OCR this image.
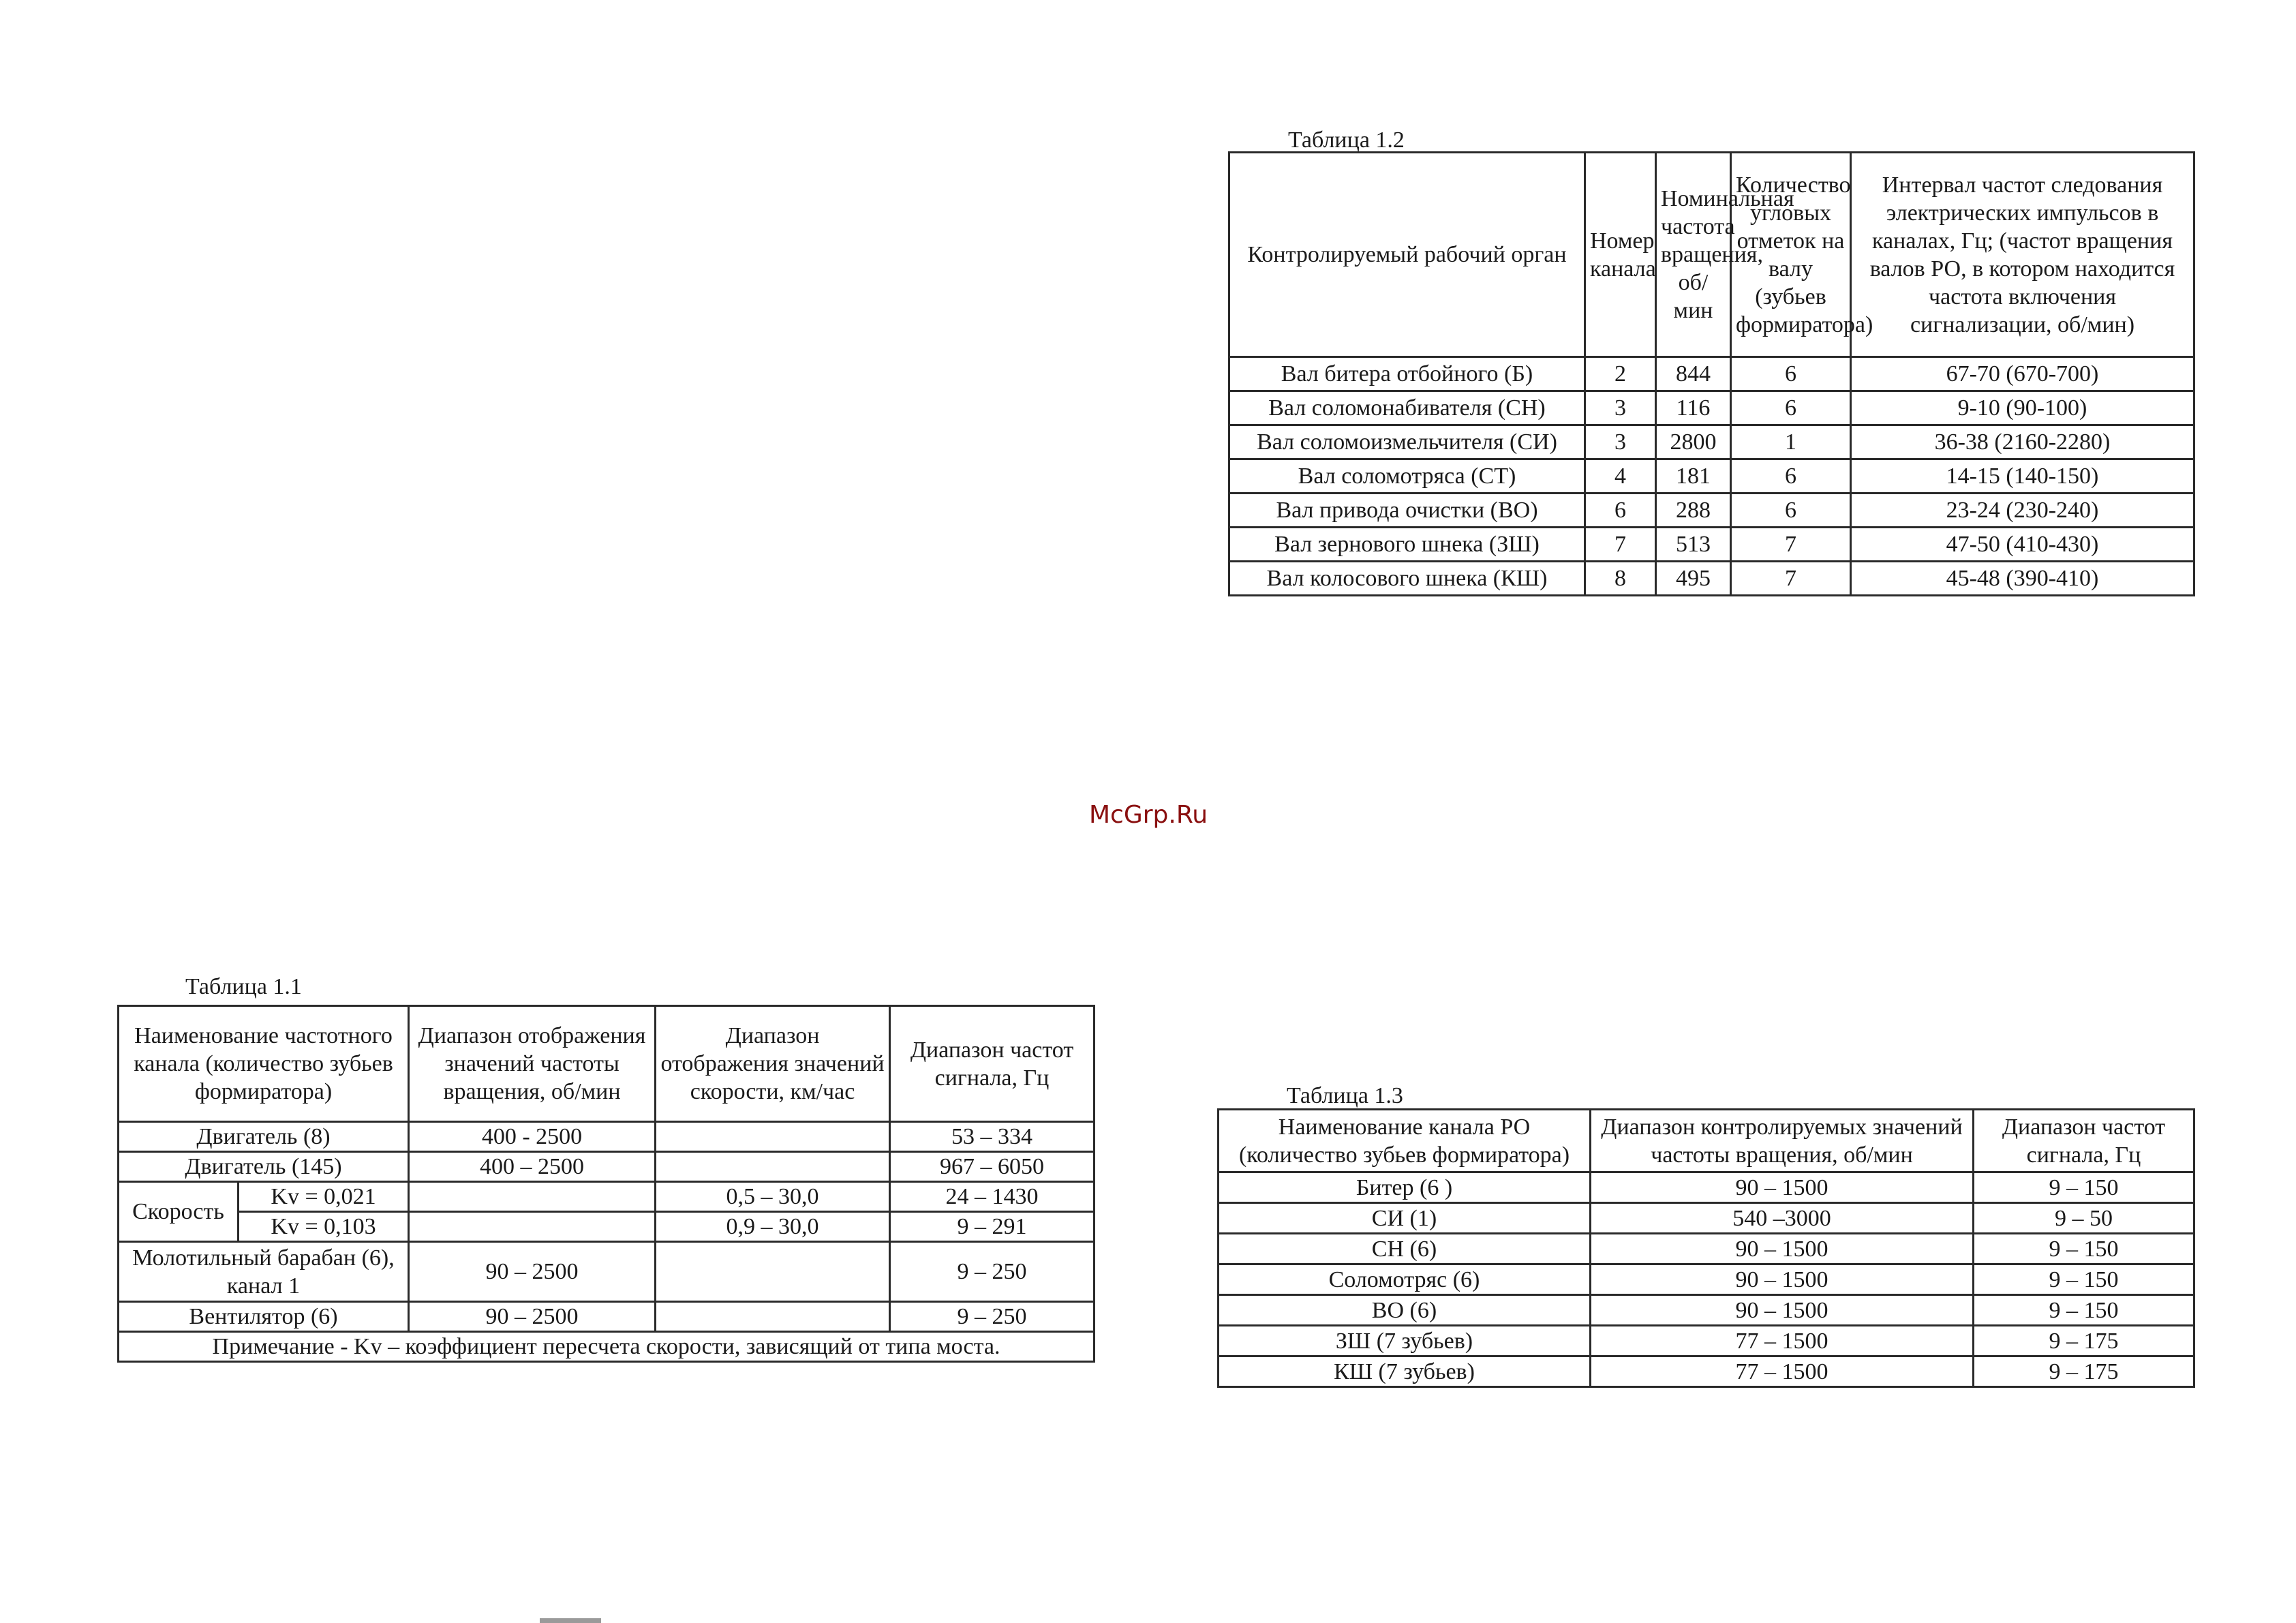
Таблица 1.2
Контролируемый рабочий орган	Номер канала	Номинальная частота вращения, об/мин	Количество угловых отметок на валу (зубьев формиратора)	Интервал частот следования электрических импульсов в каналах, Гц; (частот вращения валов РО, в котором находится частота включения сигнализации, об/мин)
Вал битера отбойного (Б)	2	844	6	67-70 (670-700)
Вал соломонабивателя (СН)	3	116	6	9-10 (90-100)
Вал соломоизмельчителя (СИ)	3	2800	1	36-38 (2160-2280)
Вал соломотряса (СТ)	4	181	6	14-15 (140-150)
Вал привода очистки (ВО)	6	288	6	23-24 (230-240)
Вал зернового шнека (ЗШ)	7	513	7	47-50 (410-430)
Вал колосового шнека (КШ)	8	495	7	45-48 (390-410)
McGrp.Ru
Таблица 1.1
Наименование частотного канала (количество зубьев формиратора)		Диапазон отображения значений частоты вращения, об/мин	Диапазон отображения значений скорости, км/час	Диапазон частот сигнала, Гц
Двигатель (8)		400 - 2500		53 – 334
Двигатель (145)		400 – 2500		967 – 6050
Скорость	Kv = 0,021		0,5 – 30,0	24 – 1430
	Kv = 0,103		0,9 – 30,0	9 – 291
Молотильный барабан (6), канал 1		90 – 2500		9 – 250
Вентилятор (6)		90 – 2500		9 – 250
Примечание - Kv – коэффициент пересчета скорости, зависящий от типа моста.				
Таблица 1.3
Наименование канала РО (количество зубьев формиратора)	Диапазон контролируемых значений частоты вращения, об/мин	Диапазон частот сигнала, Гц
Битер (6 )	90 – 1500	9 – 150
СИ (1)	540 –3000	9 – 50
СН (6)	90 – 1500	9 – 150
Соломотряс (6)	90 – 1500	9 – 150
ВО (6)	90 – 1500	9 – 150
ЗШ (7 зубьев)	77 – 1500	9 – 175
КШ (7 зубьев)	77 – 1500	9 – 175
